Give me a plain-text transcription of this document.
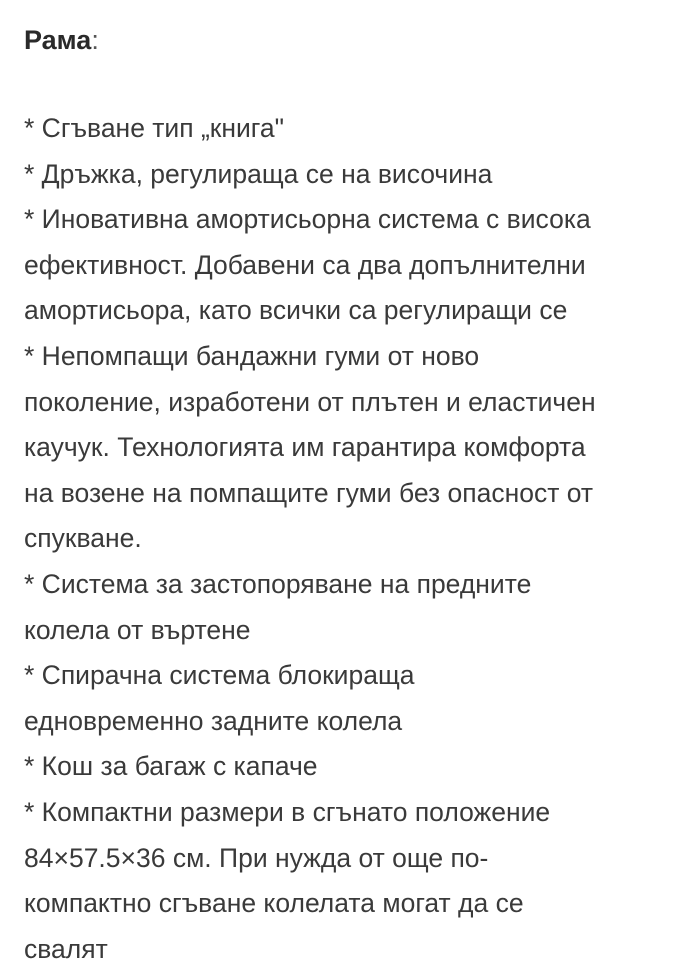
Рама:
* Сгъване тип „книга"
* Дръжка, регулираща се на височина
* Иновативна амортисьорна система с висока
ефективност. Добавени са два допълнителни
амортисьора, като всички са регулиращи се
* Непомпащи бандажни гуми от ново
поколение, изработени от плътен и еластичен
каучук. Технологията им гарантира комфорта
на возене на помпащите гуми без опасност от
спукване.
* Система за застопоряване на предните
колела от въртене
* Спирачна система блокираща
едновременно задните колела
* Кош за багаж с капаче
* Компактни размери в сгънато положение
84×57.5×36 см. При нужда от още по-
компактно сгъване колелата могат да се
свалят
